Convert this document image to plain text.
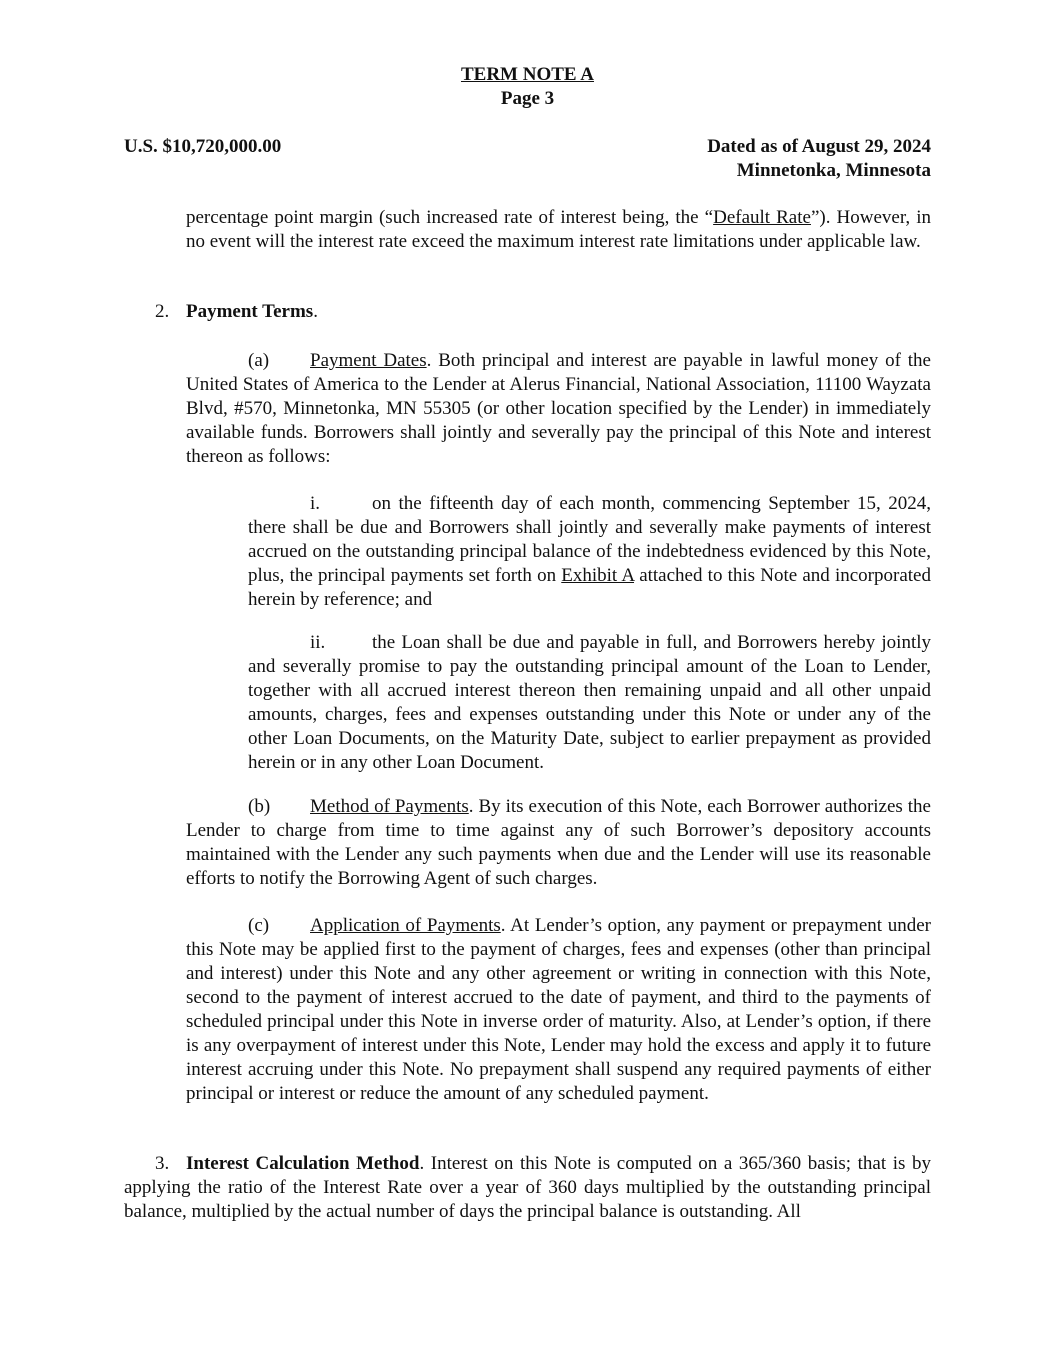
TERM NOTE A
Page 3
U.S. $10,720,000.00	Dated as of August 29, 2024
Minnetonka, Minnesota

percentage point margin (such increased rate of interest being, the “Default Rate”). However, in no event will the interest rate exceed the maximum interest rate limitations under applicable law.

2. Payment Terms.

(a) Payment Dates. Both principal and interest are payable in lawful money of the United States of America to the Lender at Alerus Financial, National Association, 11100 Wayzata Blvd, #570, Minnetonka, MN 55305 (or other location specified by the Lender) in immediately available funds. Borrowers shall jointly and severally pay the principal of this Note and interest thereon as follows:

i.	on the fifteenth day of each month, commencing September 15, 2024, there shall be due and Borrowers shall jointly and severally make payments of interest accrued on the outstanding principal balance of the indebtedness evidenced by this Note, plus, the principal payments set forth on Exhibit A attached to this Note and incorporated herein by reference; and

ii. the Loan shall be due and payable in full, and Borrowers hereby jointly and severally promise to pay the outstanding principal amount of the Loan to Lender, together with all accrued interest thereon then remaining unpaid and all other unpaid amounts, charges, fees and expenses outstanding under this Note or under any of the other Loan Documents, on the Maturity Date, subject to earlier prepayment as provided herein or in any other Loan Document.

(b) Method of Payments. By its execution of this Note, each Borrower authorizes the Lender to charge from time to time against any of such Borrower’s depository accounts maintained with the Lender any such payments when due and the Lender will use its reasonable efforts to notify the Borrowing Agent of such charges.

(c) Application of Payments. At Lender’s option, any payment or prepayment under this Note may be applied first to the payment of charges, fees and expenses (other than principal and interest) under this Note and any other agreement or writing in connection with this Note, second to the payment of interest accrued to the date of payment, and third to the payments of scheduled principal under this Note in inverse order of maturity. Also, at Lender’s option, if there is any overpayment of interest under this Note, Lender may hold the excess and apply it to future interest accruing under this Note. No prepayment shall suspend any required payments of either principal or interest or reduce the amount of any scheduled payment.

3. Interest Calculation Method. Interest on this Note is computed on a 365/360 basis; that is by applying the ratio of the Interest Rate over a year of 360 days multiplied by the outstanding principal balance, multiplied by the actual number of days the principal balance is outstanding. All
